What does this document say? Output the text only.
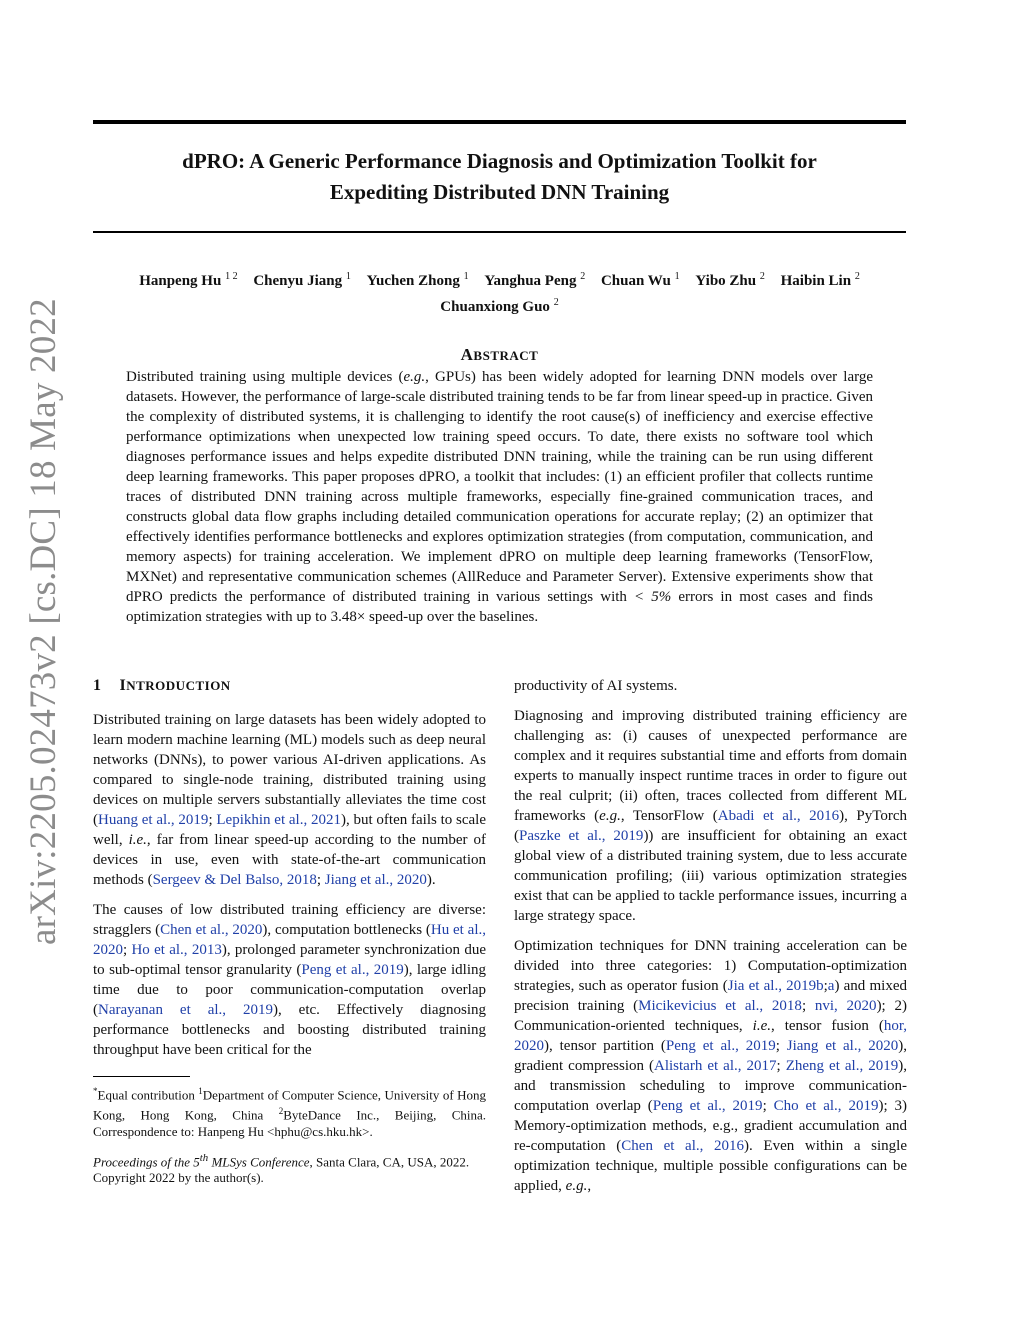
arXiv:2205.02473v2 [cs.DC] 18 May 2022
dPRO: A Generic Performance Diagnosis and Optimization Toolkit for
Expediting Distributed DNN Training
Hanpeng Hu $^{1 2}$ Chenyu Jiang $^1$ Yuchen Zhong $^1$ Yanghua Peng $^2$ Chuan Wu $^1$ Yibo Zhu $^2$ Haibin Lin $^2$
Chuanxiong Guo $^2$
ABSTRACT

Distributed training using multiple devices (e.g., GPUs) has been widely adopted for learning DNN models over large datasets. However, the performance of large-scale distributed training tends to be far from linear speed-up in practice. Given the complexity of distributed systems, it is challenging to identify the root cause(s) of inefficiency and exercise effective performance optimizations when unexpected low training speed occurs. To date, there exists no software tool which diagnoses performance issues and helps expedite distributed DNN training, while the training can be run using different deep learning frameworks. This paper proposes dPRO, a toolkit that includes: (1) an efficient profiler that collects runtime traces of distributed DNN training across multiple frameworks, especially fine-grained communication traces, and constructs global data flow graphs including detailed communication operations for accurate replay; (2) an optimizer that effectively identifies performance bottlenecks and explores optimization strategies (from computation, communication, and memory aspects) for training acceleration. We implement dPRO on multiple deep learning frameworks (TensorFlow, MXNet) and representative communication schemes (AllReduce and Parameter Server). Extensive experiments show that dPRO predicts the performance of distributed training in various settings with < 5% errors in most cases and finds optimization strategies with up to 3.48× speed-up over the baselines.

1 INTRODUCTION

Distributed training on large datasets has been widely adopted to learn modern machine learning (ML) models such as deep neural networks (DNNs), to power various AI-driven applications. As compared to single-node training, distributed training using devices on multiple servers substantially alleviates the time cost (Huang et al., 2019; Lepikhin et al., 2021), but often fails to scale well, i.e., far from linear speed-up according to the number of devices in use, even with state-of-the-art communication methods (Sergeev & Del Balso, 2018; Jiang et al., 2020).

The causes of low distributed training efficiency are diverse: stragglers (Chen et al., 2020), computation bottlenecks (Hu et al., 2020; Ho et al., 2013), prolonged parameter synchronization due to sub-optimal tensor granularity (Peng et al., 2019), large idling time due to poor communication-computation overlap (Narayanan et al., 2019), etc. Effectively diagnosing performance bottlenecks and boosting distributed training throughput have been critical for the

*Equal contribution $^1$Department of Computer Science, University of Hong Kong, Hong Kong, China $^2$ByteDance Inc., Beijing, China. Correspondence to: Hanpeng Hu <hphu@cs.hku.hk>.

Proceedings of the 5th MLSys Conference, Santa Clara, CA, USA, 2022. Copyright 2022 by the author(s).

productivity of AI systems.

Diagnosing and improving distributed training efficiency are challenging as: (i) causes of unexpected performance are complex and it requires substantial time and efforts from domain experts to manually inspect runtime traces in order to figure out the real culprit; (ii) often, traces collected from different ML frameworks (e.g., TensorFlow (Abadi et al., 2016), PyTorch (Paszke et al., 2019)) are insufficient for obtaining an exact global view of a distributed training system, due to less accurate communication profiling; (iii) various optimization strategies exist that can be applied to tackle performance issues, incurring a large strategy space.

Optimization techniques for DNN training acceleration can be divided into three categories: 1) Computation-optimization strategies, such as operator fusion (Jia et al., 2019b;a) and mixed precision training (Micikevicius et al., 2018; nvi, 2020); 2) Communication-oriented techniques, i.e., tensor fusion (hor, 2020), tensor partition (Peng et al., 2019; Jiang et al., 2020), gradient compression (Alistarh et al., 2017; Zheng et al., 2019), and transmission scheduling to improve communication-computation overlap (Peng et al., 2019; Cho et al., 2019); 3) Memory-optimization methods, e.g., gradient accumulation and re-computation (Chen et al., 2016). Even within a single optimization technique, multiple possible configurations can be applied, e.g.,
